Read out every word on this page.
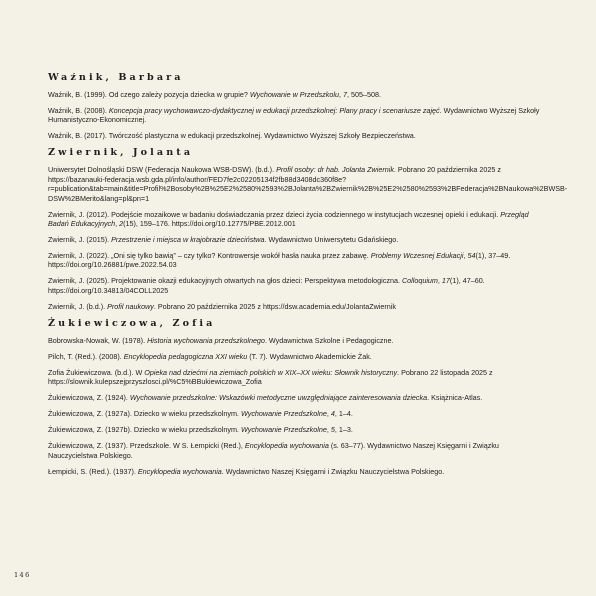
Waźnik, Barbara

Waźnik, B. (1999). Od czego zależy pozycja dziecka w grupie? Wychowanie w Przedszkolu, 7, 505–508.

Waźnik, B. (2008). Koncepcja pracy wychowawczo-dydaktycznej w edukacji przedszkolnej: Plany pracy i scenariusze zajęć. Wydawnictwo Wyższej Szkoły Humanistyczno-Ekonomicznej.

Waźnik, B. (2017). Twórczość plastyczna w edukacji przedszkolnej. Wydawnictwo Wyższej Szkoły Bezpieczeństwa.

Zwiernik, Jolanta

Uniwersytet Dolnośląski DSW (Federacja Naukowa WSB-DSW). (b.d.). Profil osoby: dr hab. Jolanta Zwiernik. Pobrano 20 października 2025 z https://bazanauki-federacja.wsb.gda.pl/info/author/FED7fe2c02205134f2fb88d3408dc360f8e?r=publication&tab=main&title=Profil%2Bosoby%2B%25E2%2580%2593%2BJolanta%2BZwiernik%2B%25E2%2580%2593%2BFederacja%2BNaukowa%2BWSB-DSW%2BMerito&lang=pl&pn=1

Zwiernik, J. (2012). Podejście mozaikowe w badaniu doświadczania przez dzieci życia codziennego w instytucjach wczesnej opieki i edukacji. Przegląd Badań Edukacyjnych, 2(15), 159–176. https://doi.org/10.12775/PBE.2012.001

Zwiernik, J. (2015). Przestrzenie i miejsca w krajobrazie dzieciństwa. Wydawnictwo Uniwersytetu Gdańskiego.

Zwiernik, J. (2022). „Oni się tylko bawią” – czy tylko? Kontrowersje wokół hasła nauka przez zabawę. Problemy Wczesnej Edukacji, 54(1), 37–49. https://doi.org/10.26881/pwe.2022.54.03

Zwiernik, J. (2025). Projektowanie okazji edukacyjnych otwartych na głos dzieci: Perspektywa metodologiczna. Colloquium, 17(1), 47–60. https://doi.org/10.34813/04COLL2025

Zwiernik, J. (b.d.). Profil naukowy. Pobrano 20 października 2025 z https://dsw.academia.edu/JolantaZwiernik

Żukiewiczowa, Zofia

Bobrowska-Nowak, W. (1978). Historia wychowania przedszkolnego. Wydawnictwa Szkolne i Pedagogiczne.

Pilch, T. (Red.). (2008). Encyklopedia pedagogiczna XXI wieku (T. 7). Wydawnictwo Akademickie Żak.

Zofia Żukiewiczowa. (b.d.). W Opieka nad dziećmi na ziemiach polskich w XIX–XX wieku: Słownik historyczny. Pobrano 22 listopada 2025 z https://slownik.kulepszejprzyszlosci.pl/%C5%BBukiewiczowa_Zofia

Żukiewiczowa, Z. (1924). Wychowanie przedszkolne: Wskazówki metodyczne uwzględniające zainteresowania dziecka. Książnica-Atlas.

Żukiewiczowa, Z. (1927a). Dziecko w wieku przedszkolnym. Wychowanie Przedszkolne, 4, 1–4.

Żukiewiczowa, Z. (1927b). Dziecko w wieku przedszkolnym. Wychowanie Przedszkolne, 5, 1–3.

Żukiewiczowa, Z. (1937). Przedszkole. W S. Łempicki (Red.), Encyklopedia wychowania (s. 63–77). Wydawnictwo Naszej Księgarni i Związku Nauczycielstwa Polskiego.

Łempicki, S. (Red.). (1937). Encyklopedia wychowania. Wydawnictwo Naszej Księgarni i Związku Nauczycielstwa Polskiego.

146
